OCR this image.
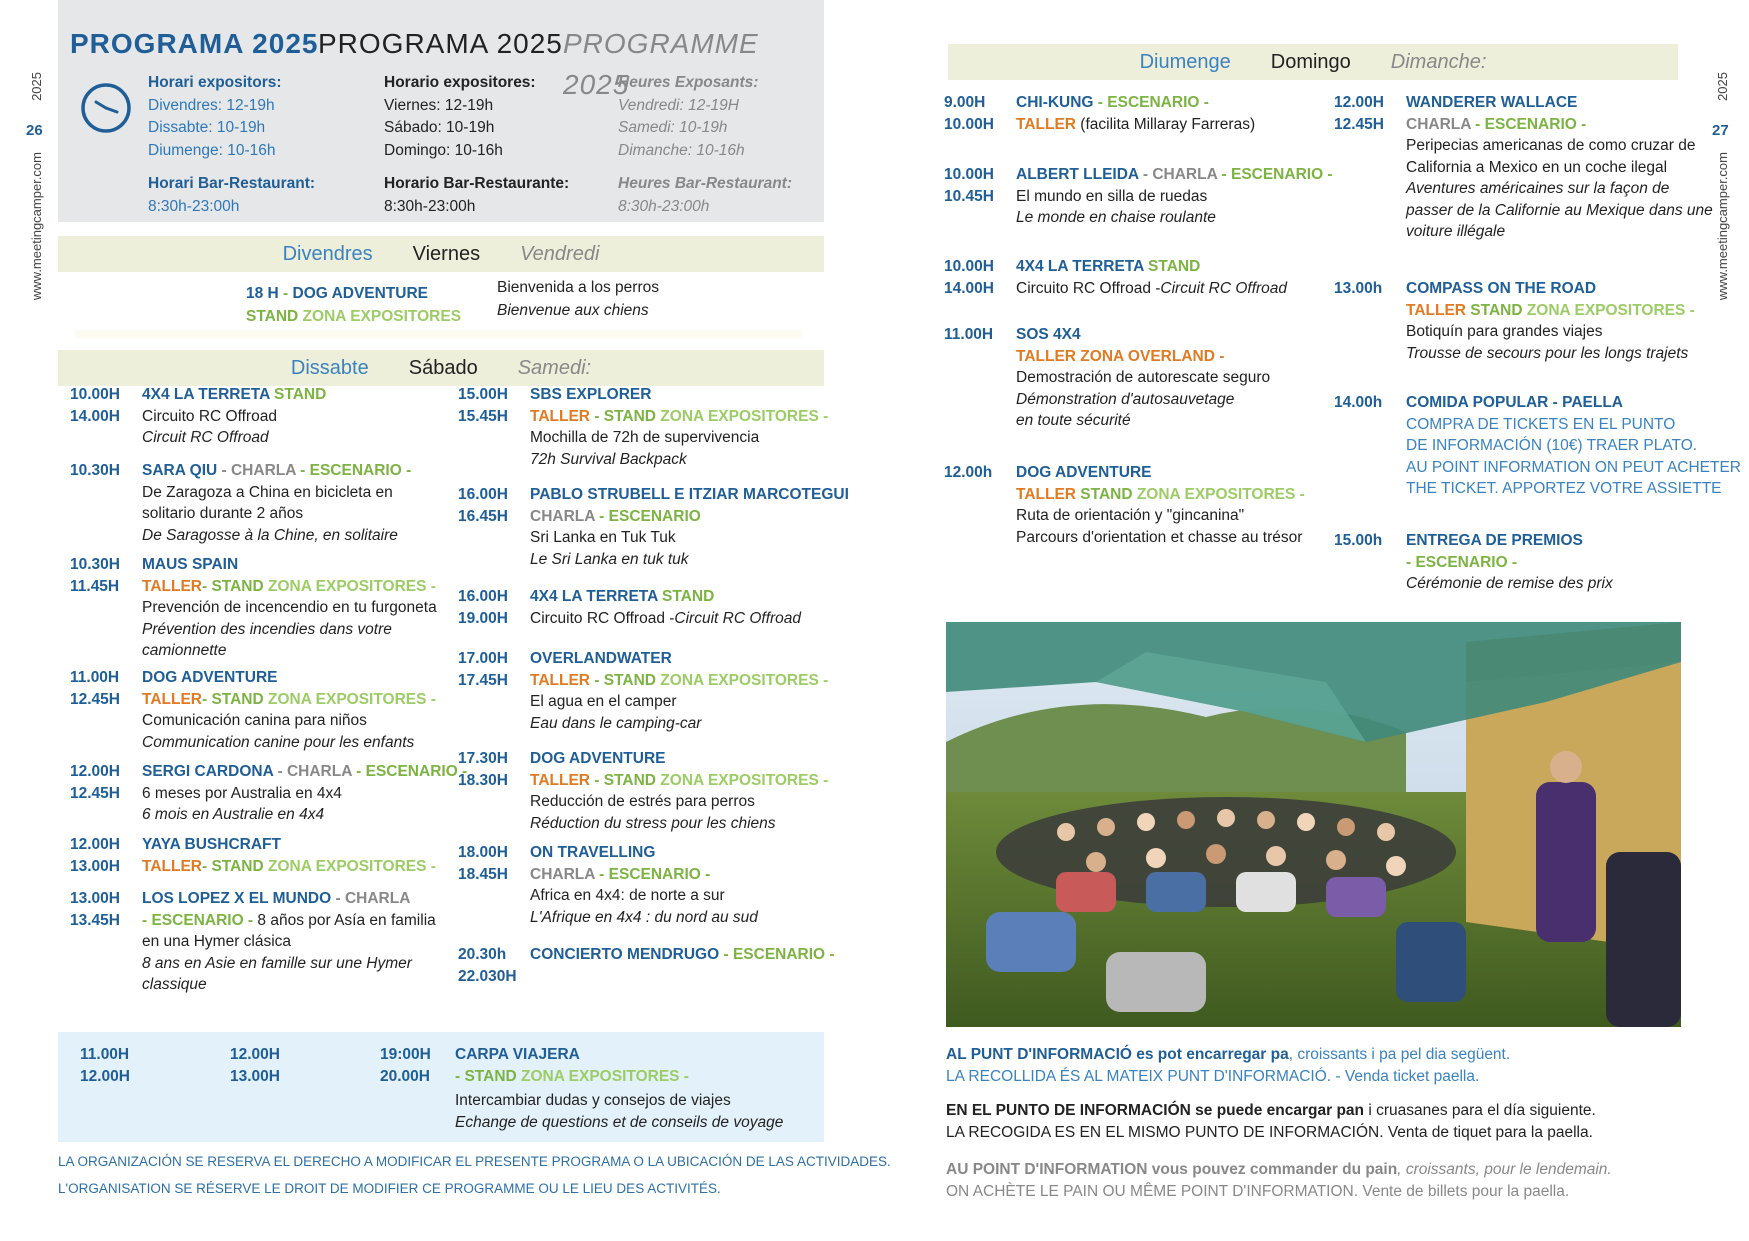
2025
26
www.meetingcamper.com
2025
27
www.meetingcamper.com
PROGRAMA 2025 PROGRAMA 2025 PROGRAMME 2025
Horari expositors:
Divendres: 12-19h
Dissabte: 10-19h
Diumenge: 10-16h
Horari Bar-Restaurant:
8:30h-23:00h
Horario expositores:
Viernes: 12-19h
Sábado: 10-19h
Domingo: 10-16h
Horario Bar-Restaurante:
8:30h-23:00h
Heures Exposants:
Vendredi: 12-19H
Samedi: 10-19h
Dimanche: 10-16h
Heures Bar-Restaurant:
8:30h-23:00h
Divendres Viernes Vendredi
18 H - DOG ADVENTURE
STAND ZONA EXPOSITORES
Bienvenida a los perros
Bienvenue aux chiens
Dissabte Sábado Samedi:
10.00H
14.00H
4X4 LA TERRETA STAND
Circuito RC Offroad
Circuit RC Offroad
10.30H SARA QIU - CHARLA - ESCENARIO -
De Zaragoza a China en bicicleta en
solitario durante 2 años
De Saragosse à la Chine, en solitaire
10.30H
11.45H
MAUS SPAIN
TALLER- STAND ZONA EXPOSITORES -
Prevención de incencendio en tu furgoneta
Prévention des incendies dans votre
camionnette
11.00H
12.45H
DOG ADVENTURE
TALLER- STAND ZONA EXPOSITORES -
Comunicación canina para niños
Communication canine pour les enfants
12.00H
12.45H
SERGI CARDONA - CHARLA - ESCENARIO -
6 meses por Australia en 4x4
6 mois en Australie en 4x4
12.00H
13.00H
YAYA BUSHCRAFT
TALLER- STAND ZONA EXPOSITORES -
13.00H
13.45H
LOS LOPEZ X EL MUNDO - CHARLA
- ESCENARIO - 8 años por Asía en familia
en una Hymer clásica
8 ans en Asie en famille sur une Hymer
classique
15.00H
15.45H
SBS EXPLORER
TALLER - STAND ZONA EXPOSITORES -
Mochilla de 72h de supervivencia
72h Survival Backpack
16.00H
16.45H
PABLO STRUBELL E ITZIAR MARCOTEGUI
CHARLA - ESCENARIO
Sri Lanka en Tuk Tuk
Le Sri Lanka en tuk tuk
16.00H
19.00H
4X4 LA TERRETA STAND
Circuito RC Offroad -Circuit RC Offroad
17.00H
17.45H
OVERLANDWATER
TALLER - STAND ZONA EXPOSITORES -
El agua en el camper
Eau dans le camping-car
17.30H
18.30H
DOG ADVENTURE
TALLER - STAND ZONA EXPOSITORES -
Reducción de estrés para perros
Réduction du stress pour les chiens
18.00H
18.45H
ON TRAVELLING
CHARLA - ESCENARIO -
Africa en 4x4: de norte a sur
L'Afrique en 4x4 : du nord au sud
20.30h
22.030H
CONCIERTO MENDRUGO - ESCENARIO -
11.00H
12.00H
12.00H
13.00H
19:00H
20.00H
CARPA VIAJERA
- STAND ZONA EXPOSITORES -
Intercambiar dudas y consejos de viajes
Echange de questions et de conseils de voyage
LA ORGANIZACIÓN SE RESERVA EL DERECHO A MODIFICAR EL PRESENTE PROGRAMA O LA UBICACIÓN DE LAS ACTIVIDADES.
L'ORGANISATION SE RÉSERVE LE DROIT DE MODIFIER CE PROGRAMME OU LE LIEU DES ACTIVITÉS.
Diumenge Domingo Dimanche:
9.00H
10.00H
CHI-KUNG - ESCENARIO -
TALLER (facilita Millaray Farreras)
10.00H
10.45H
ALBERT LLEIDA - CHARLA - ESCENARIO -
El mundo en silla de ruedas
Le monde en chaise roulante
10.00H
14.00H
4X4 LA TERRETA STAND
Circuito RC Offroad -Circuit RC Offroad
11.00H SOS 4X4
TALLER ZONA OVERLAND -
Demostración de autorescate seguro
Démonstration d'autosauvetage
en toute sécurité
12.00h DOG ADVENTURE
TALLER STAND ZONA EXPOSITORES -
Ruta de orientación y "gincanina"
Parcours d'orientation et chasse au trésor
12.00H
12.45H
WANDERER WALLACE
CHARLA - ESCENARIO -
Peripecias americanas de como cruzar de
California a Mexico en un coche ilegal
Aventures américaines sur la façon de
passer de la Californie au Mexique dans une
voiture illégale
13.00h COMPASS ON THE ROAD
TALLER STAND ZONA EXPOSITORES -
Botiquín para grandes viajes
Trousse de secours pour les longs trajets
14.00h COMIDA POPULAR - PAELLA
COMPRA DE TICKETS EN EL PUNTO
DE INFORMACIÓN (10€) TRAER PLATO.
AU POINT INFORMATION ON PEUT ACHETER
THE TICKET. APPORTEZ VOTRE ASSIETTE
15.00h ENTREGA DE PREMIOS
- ESCENARIO -
Cérémonie de remise des prix
AL PUNT D'INFORMACIÓ es pot encarregar pa, croissants i pa pel dia següent.
LA RECOLLIDA ÉS AL MATEIX PUNT D'INFORMACIÓ. - Venda ticket paella.
EN EL PUNTO DE INFORMACIÓN se puede encargar pan i cruasanes para el día siguiente.
LA RECOGIDA ES EN EL MISMO PUNTO DE INFORMACIÓN. Venta de tiquet para la paella.
AU POINT D'INFORMATION vous pouvez commander du pain, croissants, pour le lendemain.
ON ACHÈTE LE PAIN OU MÊME POINT D'INFORMATION. Vente de billets pour la paella.
